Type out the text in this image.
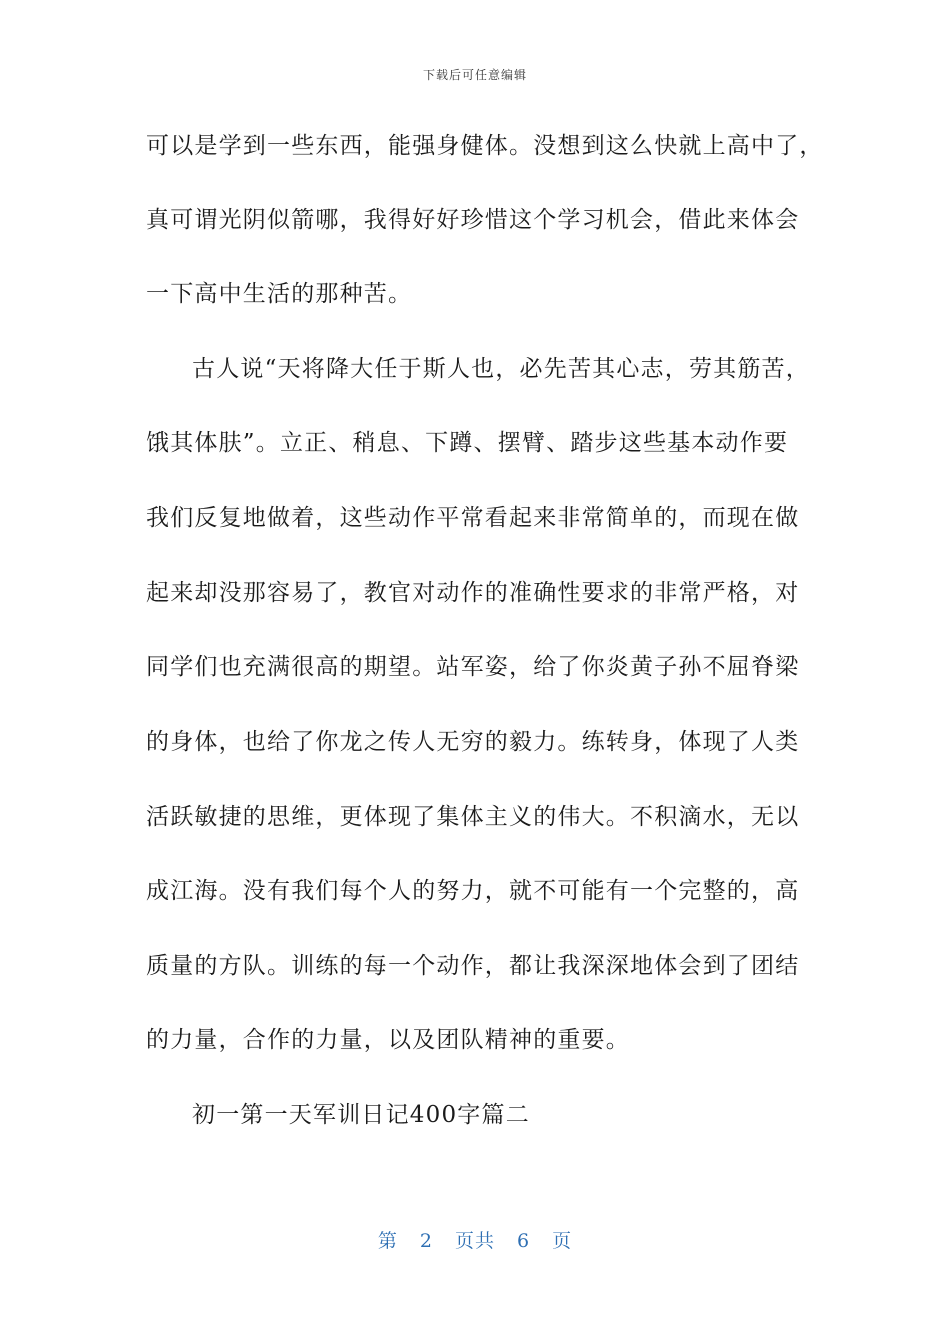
下载后可任意编辑
可以是学到一些东西，能强身健体。没想到这么快就上高中了，
真可谓光阴似箭哪，我得好好珍惜这个学习机会，借此来体会
一下高中生活的那种苦。
古人说“天将降大任于斯人也，必先苦其心志，劳其筋苦，
饿其体肤”。立正、稍息、下蹲、摆臂、踏步这些基本动作要
我们反复地做着，这些动作平常看起来非常简单的，而现在做
起来却没那容易了，教官对动作的准确性要求的非常严格，对
同学们也充满很高的期望。站军姿，给了你炎黄子孙不屈脊梁
的身体，也给了你龙之传人无穷的毅力。练转身，体现了人类
活跃敏捷的思维，更体现了集体主义的伟大。不积滴水，无以
成江海。没有我们每个人的努力，就不可能有一个完整的，高
质量的方队。训练的每一个动作，都让我深深地体会到了团结
的力量，合作的力量，以及团队精神的重要。
初一第一天军训日记400字篇二
第 2 页共 6 页
